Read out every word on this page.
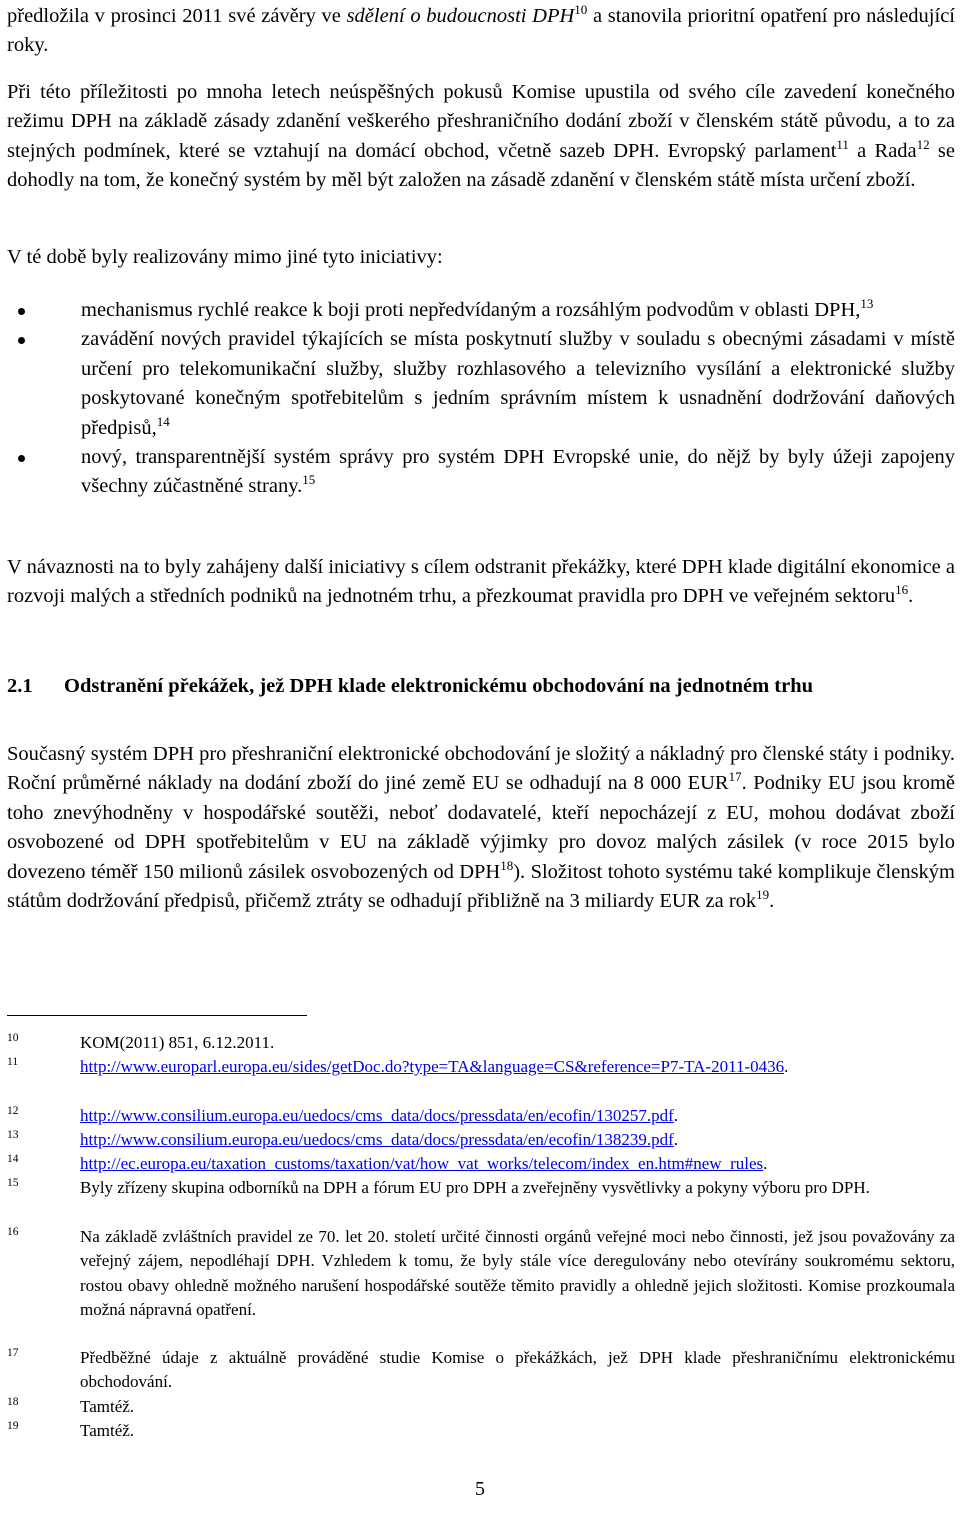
předložila v prosinci 2011 své závěry ve sdělení o budoucnosti DPH$^{10}$ a stanovila prioritní opatření pro následující roky.
Při této příležitosti po mnoha letech neúspěšných pokusů Komise upustila od svého cíle zavedení konečného režimu DPH na základě zásady zdanění veškerého přeshraničního dodání zboží v členském státě původu, a to za stejných podmínek, které se vztahují na domácí obchod, včetně sazeb DPH. Evropský parlament$^{11}$ a Rada$^{12}$ se dohodly na tom, že konečný systém by měl být založen na zásadě zdanění v členském státě místa určení zboží.
V té době byly realizovány mimo jiné tyto iniciativy:
mechanismus rychlé reakce k boji proti nepředvídaným a rozsáhlým podvodům v oblasti DPH,$^{13}$
zavádění nových pravidel týkajících se místa poskytnutí služby v souladu s obecnými zásadami v místě určení pro telekomunikační služby, služby rozhlasového a televizního vysílání a elektronické služby poskytované konečným spotřebitelům s jedním správním místem k usnadnění dodržování daňových předpisů,$^{14}$
nový, transparentnější systém správy pro systém DPH Evropské unie, do nějž by byly úžeji zapojeny všechny zúčastněné strany.$^{15}$
V návaznosti na to byly zahájeny další iniciativy s cílem odstranit překážky, které DPH klade digitální ekonomice a rozvoji malých a středních podniků na jednotném trhu, a přezkoumat pravidla pro DPH ve veřejném sektoru$^{16}$.
2.1 Odstranění překážek, jež DPH klade elektronickému obchodování na jednotném trhu
Současný systém DPH pro přeshraniční elektronické obchodování je složitý a nákladný pro členské státy i podniky. Roční průměrné náklady na dodání zboží do jiné země EU se odhadují na 8 000 EUR$^{17}$. Podniky EU jsou kromě toho znevýhodněny v hospodářské soutěži, neboť dodavatelé, kteří nepocházejí z EU, mohou dodávat zboží osvobozené od DPH spotřebitelům v EU na základě výjimky pro dovoz malých zásilek (v roce 2015 bylo dovezeno téměř 150 milionů zásilek osvobozených od DPH$^{18}$). Složitost tohoto systému také komplikuje členským státům dodržování předpisů, přičemž ztráty se odhadují přibližně na 3 miliardy EUR za rok$^{19}$.
10	KOM(2011) 851, 6.12.2011.
11	http://www.europarl.europa.eu/sides/getDoc.do?type=TA&language=CS&reference=P7-TA-2011-0436.
12	http://www.consilium.europa.eu/uedocs/cms_data/docs/pressdata/en/ecofin/130257.pdf.
13	http://www.consilium.europa.eu/uedocs/cms_data/docs/pressdata/en/ecofin/138239.pdf.
14	http://ec.europa.eu/taxation_customs/taxation/vat/how_vat_works/telecom/index_en.htm#new_rules.
15	Byly zřízeny skupina odborníků na DPH a fórum EU pro DPH a zveřejněny vysvětlivky a pokyny výboru pro DPH.
16	Na základě zvláštních pravidel ze 70. let 20. století určité činnosti orgánů veřejné moci nebo činnosti, jež jsou považovány za veřejný zájem, nepodléhají DPH. Vzhledem k tomu, že byly stále více deregulovány nebo otevírány soukromému sektoru, rostou obavy ohledně možného narušení hospodářské soutěže těmito pravidly a ohledně jejich složitosti. Komise prozkoumala možná nápravná opatření.
17	Předběžné údaje z aktuálně prováděné studie Komise o překážkách, jež DPH klade přeshraničnímu elektronickému obchodování.
18	Tamtéž.
19	Tamtéž.
5
